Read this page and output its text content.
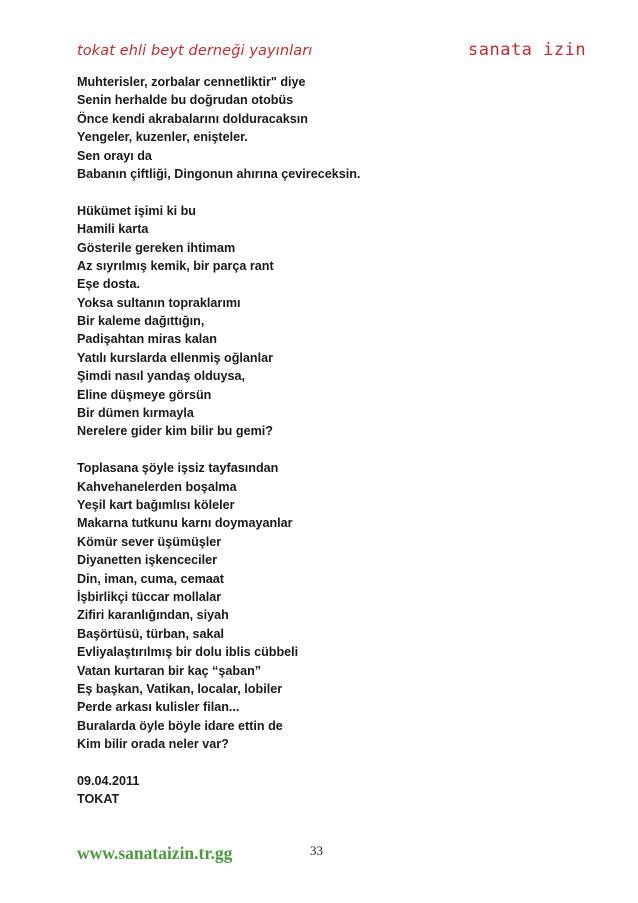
tokat ehli beyt derneği yayınları	sanata izin
Muhterisler, zorbalar cennetliktir" diye
Senin herhalde bu doğrudan otobüs
Önce kendi akrabalarını dolduracaksın
Yengeler, kuzenler, enişteler.
Sen orayı da
Babanın çiftliği, Dingonun ahırına çevireceksin.
Hükümet işimi ki bu
Hamili karta
Gösterile gereken ihtimam
Az sıyrılmış kemik, bir parça rant
Eşe dosta.
Yoksa sultanın topraklarımı
Bir kaleme dağıttığın,
Padişahtan miras kalan
Yatılı kurslarda ellenmiş oğlanlar
Şimdi nasıl yandaş olduysa,
Eline düşmeye görsün
Bir dümen kırmayla
Nerelere gider kim bilir bu gemi?
Toplasana şöyle işsiz tayfasından
Kahvehanelerden boşalma
Yeşil kart bağımlısı köleler
Makarna tutkunu karnı doymayanlar
Kömür sever üşümüşler
Diyanetten işkenceciler
Din, iman, cuma, cemaat
İşbirlikçi tüccar mollalar
Zifiri karanlığından, siyah
Başörtüsü, türban, sakal
Evliyalaştırılmış bir dolu iblis cübbeli
Vatan kurtaran bir kaç “şaban”
Eş başkan, Vatikan, localar, lobiler
Perde arkası kulisler filan...
Buralarda öyle böyle idare ettin de
Kim bilir orada neler var?
09.04.2011
TOKAT
www.sanataizin.tr.gg	33
